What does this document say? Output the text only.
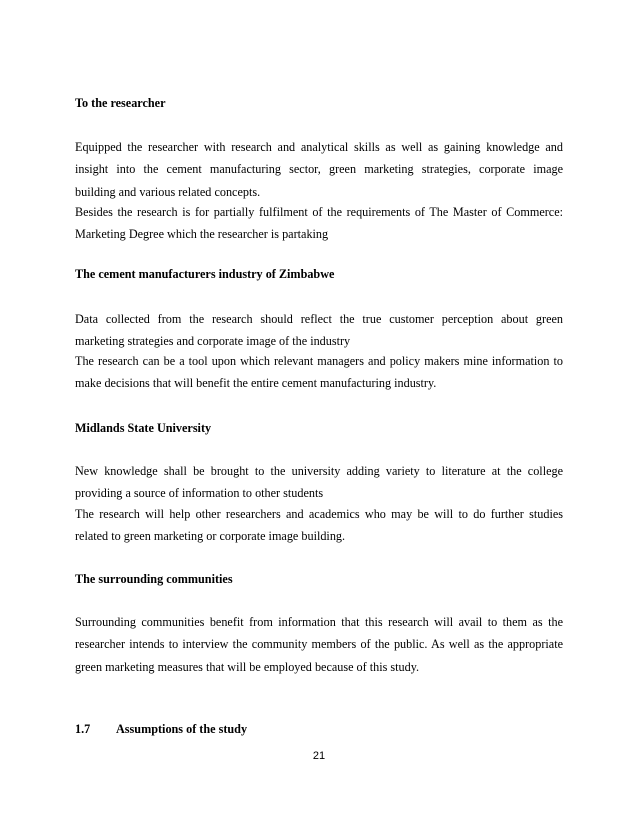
To the researcher
Equipped the researcher with research and analytical skills as well as gaining knowledge and
insight into the cement manufacturing sector, green marketing strategies, corporate image
building and various related concepts.
Besides the research is for partially fulfilment of the requirements of The Master of Commerce:
Marketing Degree which the researcher is partaking
The cement manufacturers industry of Zimbabwe
Data collected from the research should reflect the true customer perception about green
marketing strategies and corporate image of the industry
The research can be a tool upon which relevant managers and policy makers mine information to
make decisions that will benefit the entire cement manufacturing industry.
Midlands State University
New knowledge shall be brought to the university adding variety to literature at the college
providing a source of information to other students
The research will help other researchers and academics who may be will to do further studies
related to green marketing or corporate image building.
The surrounding communities
Surrounding communities benefit from information that this research will avail to them as the
researcher intends to interview the community members of the public. As well as the appropriate
green marketing measures that will be employed because of this study.
1.7 Assumptions of the study
21
